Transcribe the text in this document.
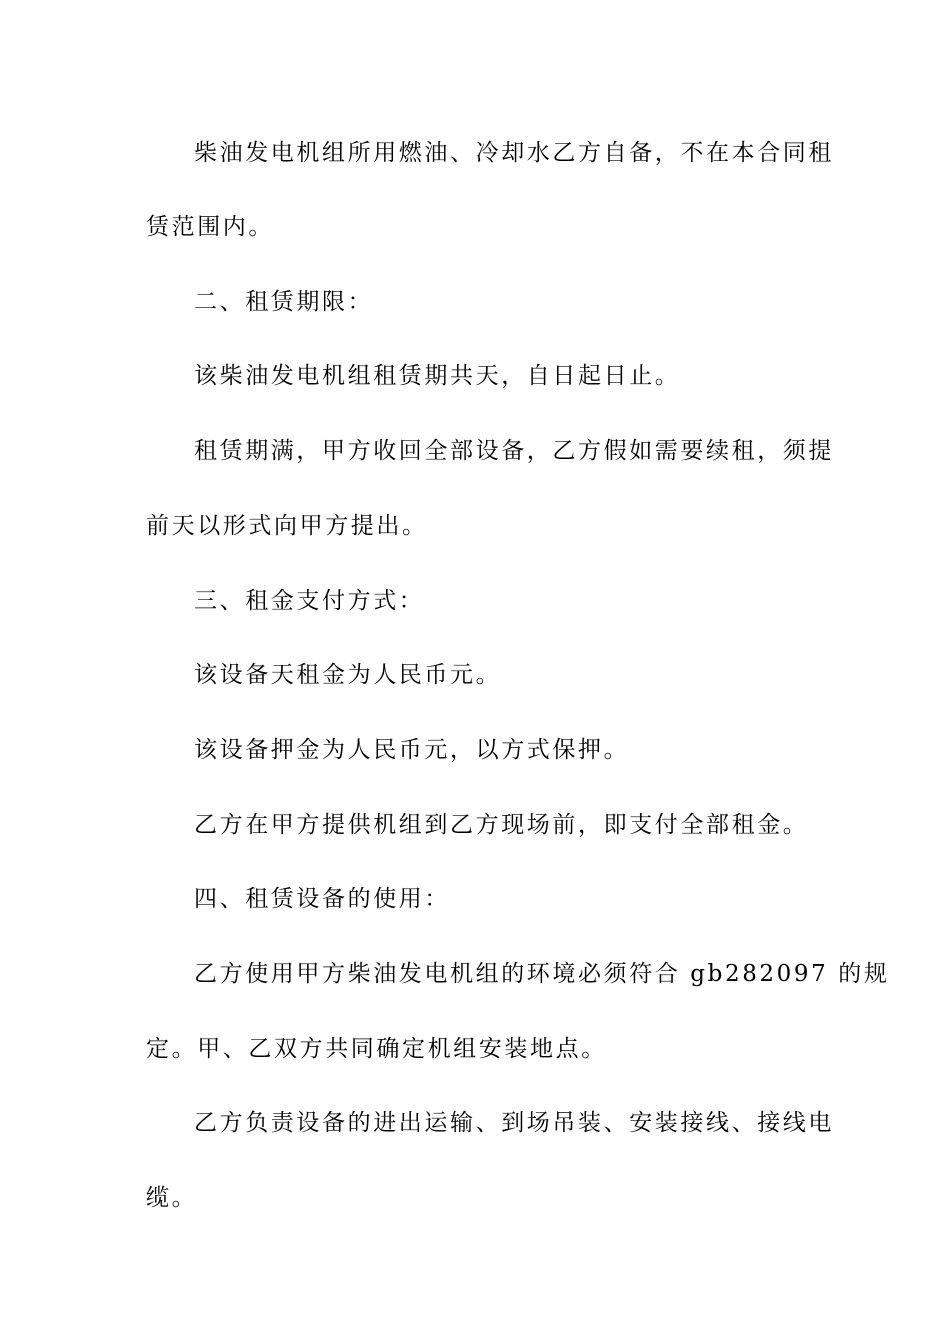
柴油发电机组所用燃油、冷却水乙方自备，不在本合同租
赁范围内。
二、租赁期限：
该柴油发电机组租赁期共天，自日起日止。
租赁期满，甲方收回全部设备，乙方假如需要续租，须提
前天以形式向甲方提出。
三、租金支付方式：
该设备天租金为人民币元。
该设备押金为人民币元，以方式保押。
乙方在甲方提供机组到乙方现场前，即支付全部租金。
四、租赁设备的使用：
乙方使用甲方柴油发电机组的环境必须符合 gb282097 的规
定。甲、乙双方共同确定机组安装地点。
乙方负责设备的进出运输、到场吊装、安装接线、接线电
缆。
